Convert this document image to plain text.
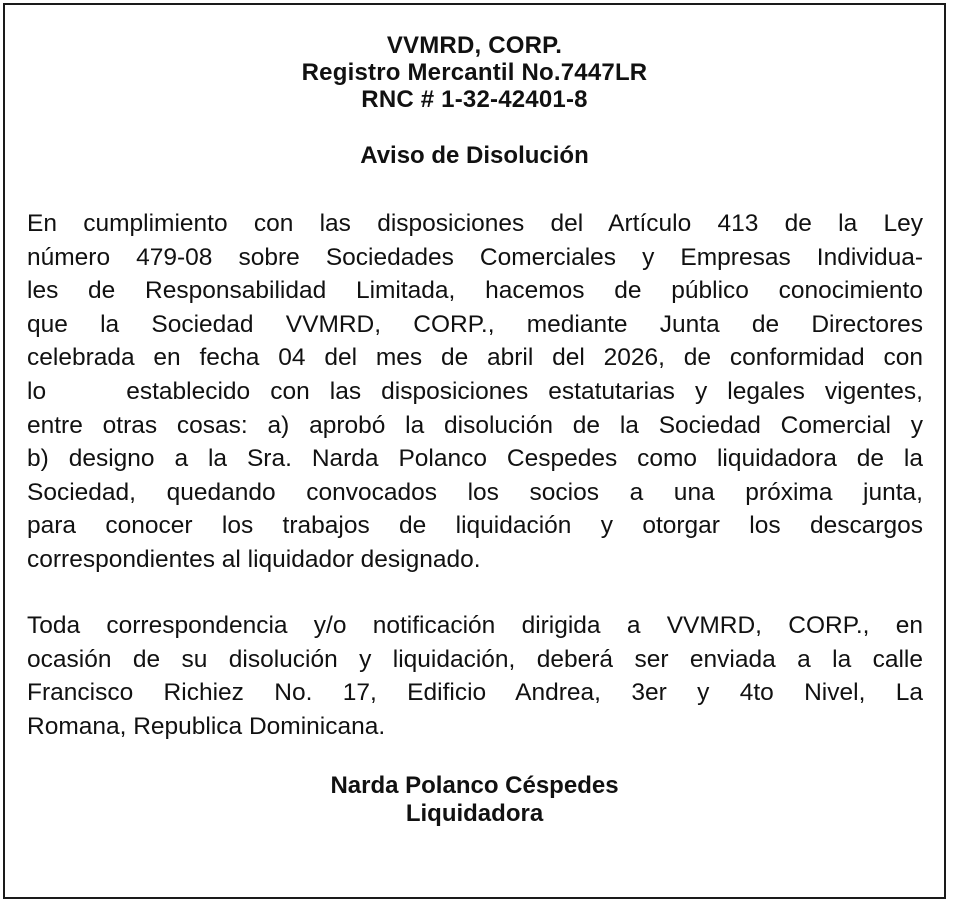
VVMRD, CORP.
Registro Mercantil No.7447LR
RNC # 1-32-42401-8
Aviso de Disolución
En cumplimiento con las disposiciones del Artículo 413 de la Ley
número 479-08 sobre Sociedades Comerciales y Empresas Individua-
les de Responsabilidad Limitada, hacemos de público conocimiento
que la Sociedad VVMRD, CORP., mediante Junta de Directores
celebrada en fecha 04 del mes de abril del 2026, de conformidad con
lo    establecido con las disposiciones estatutarias y legales vigentes,
entre otras cosas: a) aprobó la disolución de la Sociedad Comercial y
b) designo a la Sra. Narda Polanco Cespedes como liquidadora de la
Sociedad, quedando convocados los socios a una próxima junta,
para conocer los trabajos de liquidación y otorgar los descargos
correspondientes al liquidador designado.
Toda correspondencia y/o notificación dirigida a VVMRD, CORP., en
ocasión de su disolución y liquidación, deberá ser enviada a la calle
Francisco Richiez No. 17, Edificio Andrea, 3er y 4to Nivel, La
Romana, Republica Dominicana.
Narda Polanco Céspedes
Liquidadora
